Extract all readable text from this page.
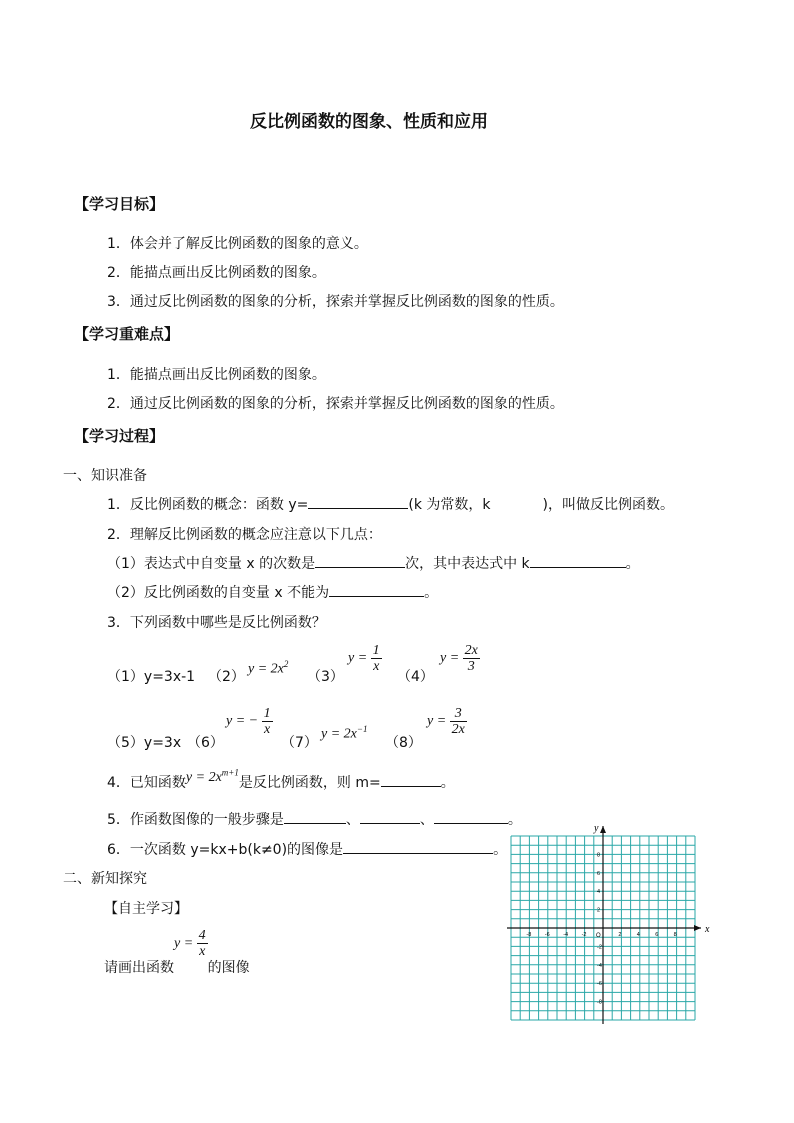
反比例函数的图象、性质和应用
【学习目标】
1．体会并了解反比例函数的图象的意义。
2．能描点画出反比例函数的图象。
3．通过反比例函数的图象的分析，探索并掌握反比例函数的图象的性质。
【学习重难点】
1．能描点画出反比例函数的图象。
2．通过反比例函数的图象的分析，探索并掌握反比例函数的图象的性质。
【学习过程】
一、知识准备
1．反比例函数的概念：函数 y=	(k 为常数，k	)，叫做反比例函数。
2．理解反比例函数的概念应注意以下几点：
（1）表达式中自变量 x 的次数是	次，其中表达式中 k	。
（2）反比例函数的自变量 x 不能为	。
3．下列函数中哪些是反比例函数？
（1）y=3x-1 （2） $y = 2x^2$
（3）
$y = \frac{1}{x}$
（4）
$y = \frac{2x}{3}$
（5）y=3x （6）
y = − $\frac{1}{x}$
（7）
$y = 2x^{-1}$
（8）
$y = \frac{3}{2x}$
4．已知函数$y = 2x^{m+1}$是反比例函数，则 m=	。
5．作函数图像的一般步骤是	、	、	。
6．一次函数 y=kx+b(k≠0)的图像是	。
二、新知探究
【自主学习】
请画出函数$y = \frac{4}{x}$
的图像
x
y
O
-8 -6 -4 -2	2	4	6	8
8
6
4
2
-2
-4
-6
-8
